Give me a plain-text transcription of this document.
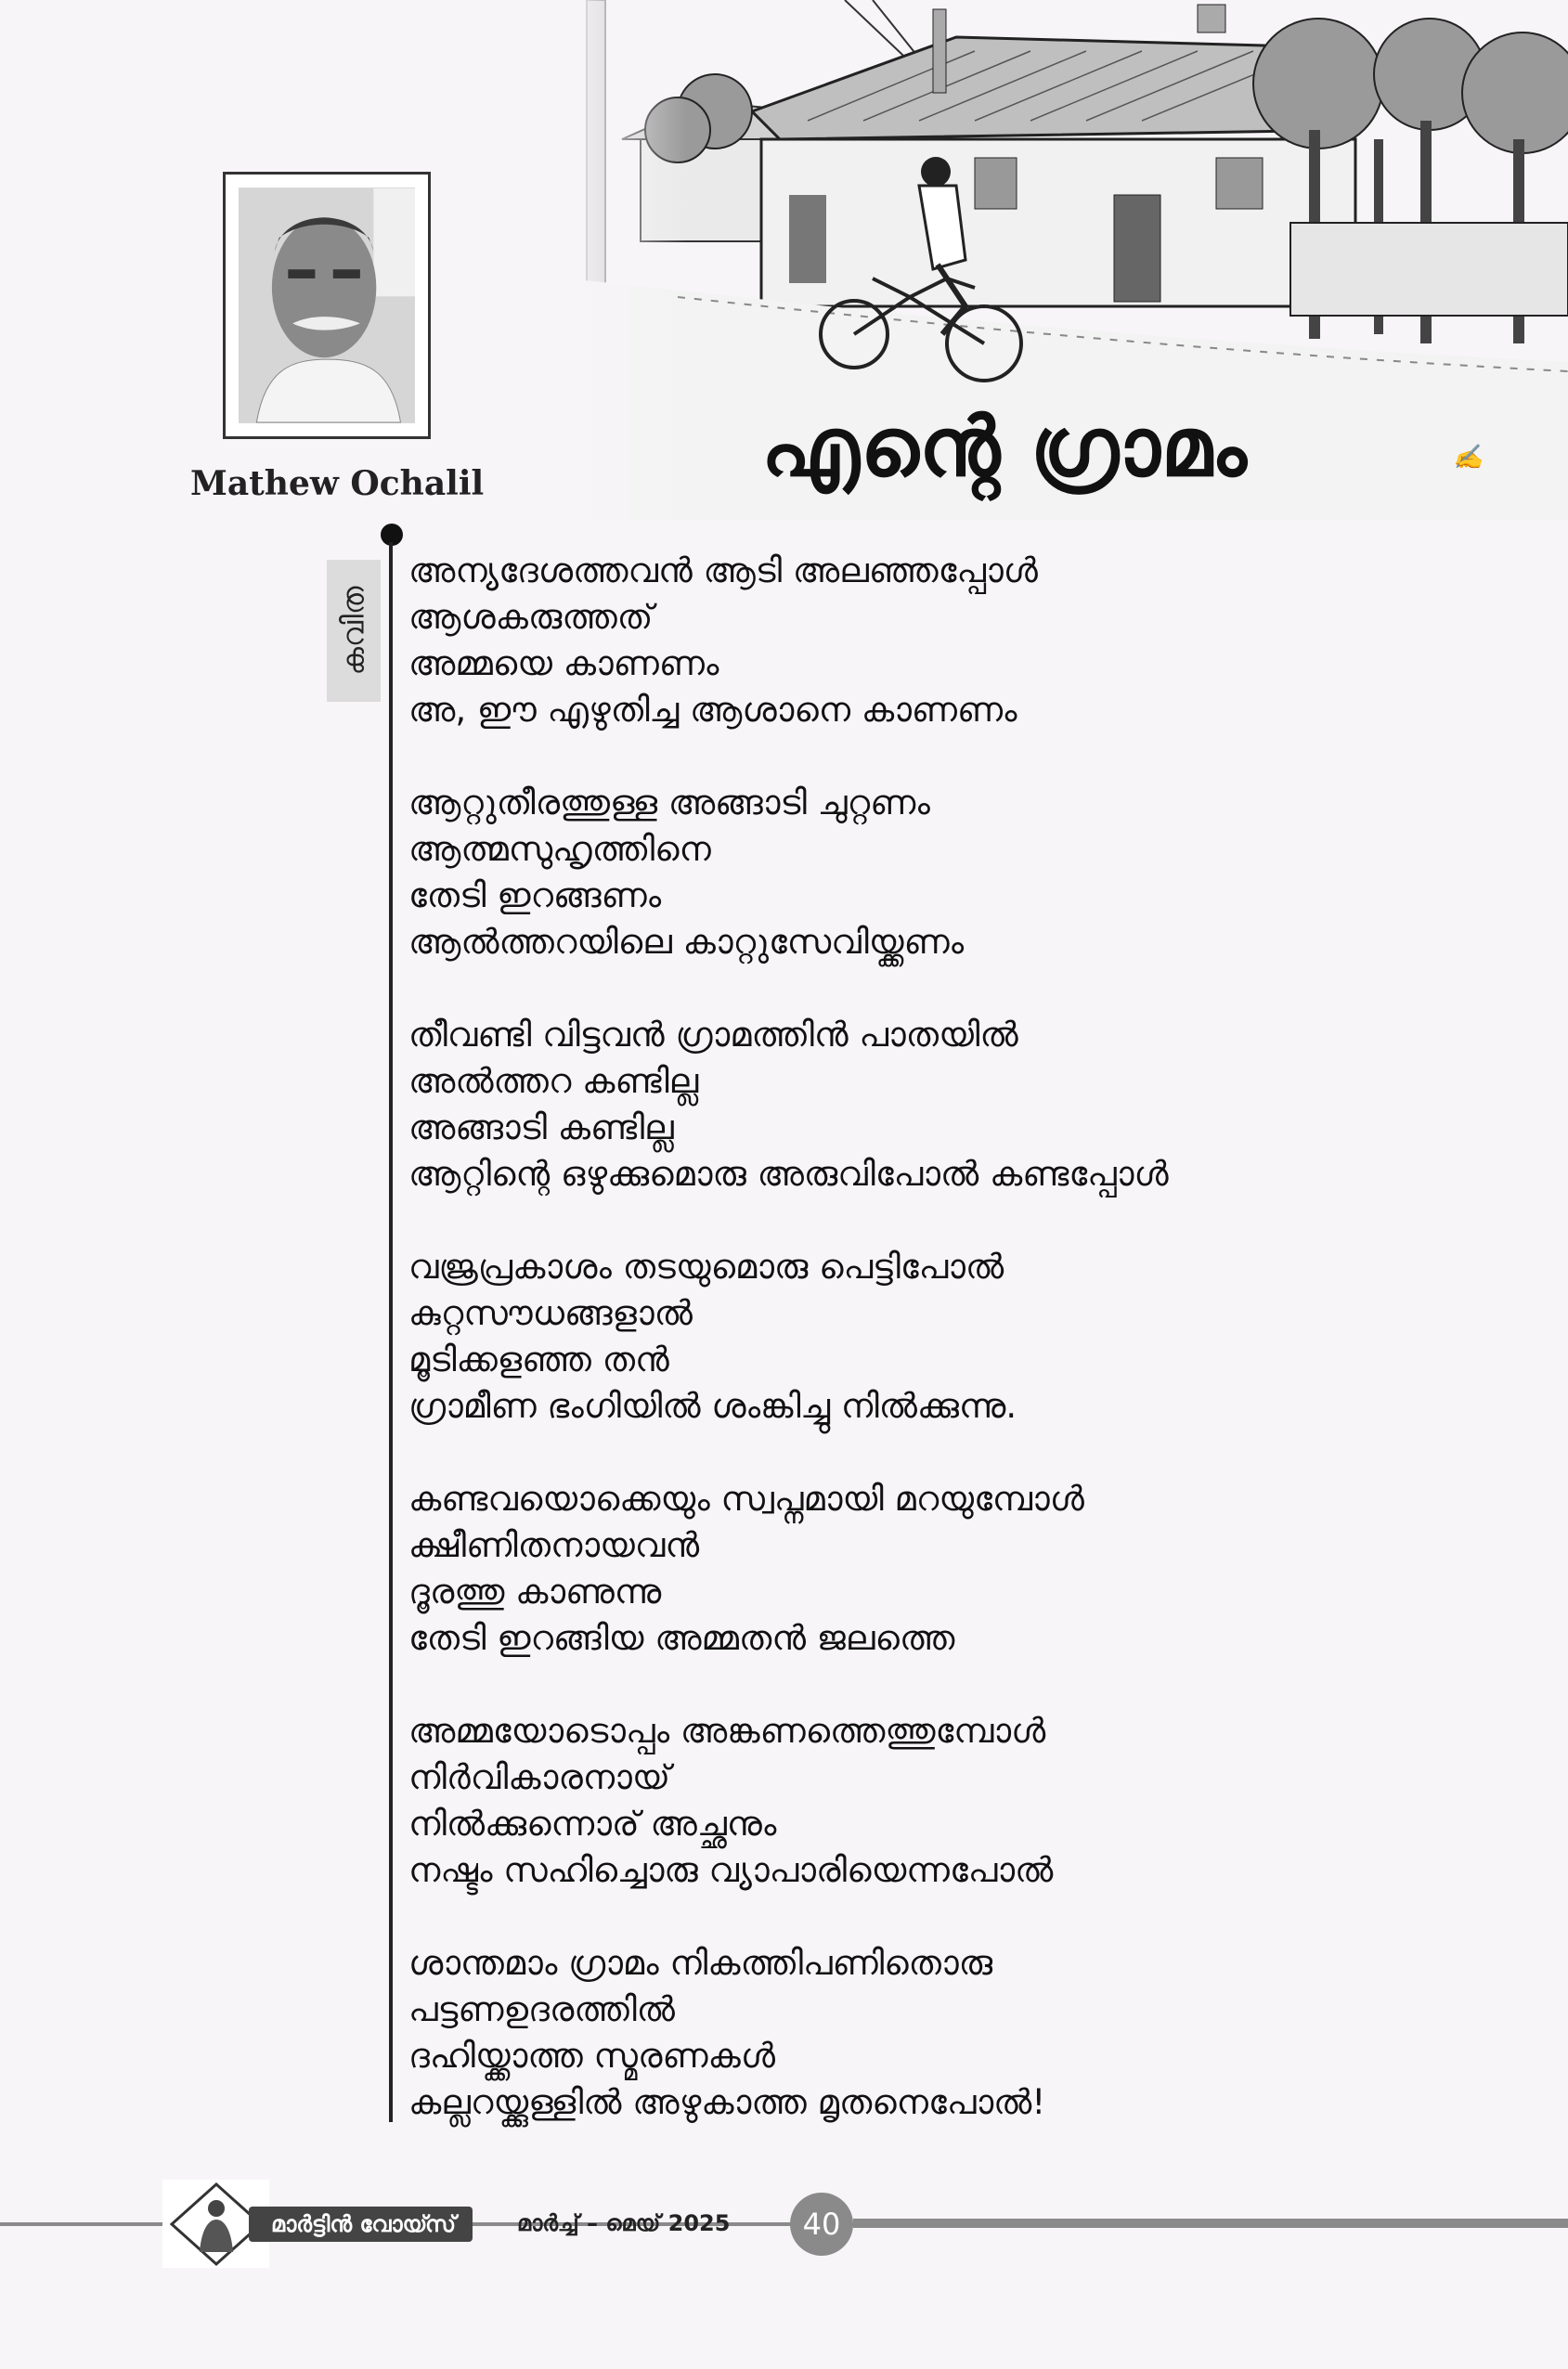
Mathew Ochalil	എന്റെ ഗ്രാമം	✍
കവിത
അന്യദേശത്തവൻ ആടി അലഞ്ഞപ്പോൾ
ആശകരുത്തത്
അമ്മയെ കാണണം
അ, ഈ എഴുതിച്ച ആശാനെ കാണണം
ആറ്റുതീരത്തുള്ള അങ്ങാടി ചുറ്റണം
ആത്മസുഹൃത്തിനെ
തേടി ഇറങ്ങണം
ആൽത്തറയിലെ കാറ്റുസേവിയ്ക്കണം
തീവണ്ടി വിട്ടവൻ ഗ്രാമത്തിൻ പാതയിൽ
അൽത്തറ കണ്ടില്ല
അങ്ങാടി കണ്ടില്ല
ആറ്റിന്റെ ഒഴുക്കുമൊരു അരുവിപോൽ കണ്ടപ്പോൾ
വജ്രപ്രകാശം തടയുമൊരു പെട്ടിപോൽ
കുറ്റസൗധങ്ങളാൽ
മൂടിക്കളഞ്ഞ തൻ
ഗ്രാമീണ ഭംഗിയിൽ ശംങ്കിച്ചു നിൽക്കുന്നു.
കണ്ടവയൊക്കെയും സ്വപ്നമായി മറയുമ്പോൾ
ക്ഷീണിതനായവൻ
ദൂരത്തു കാണുന്നു
തേടി ഇറങ്ങിയ അമ്മതൻ ജലത്തെ
അമ്മയോടൊപ്പം അങ്കണത്തെത്തുമ്പോൾ
നിർവികാരനായ്
നിൽക്കുന്നൊര് അച്ഛനും
നഷ്ടം സഹിച്ചൊരു വ്യാപാരിയെന്നപോൽ
ശാന്തമാം ഗ്രാമം നികത്തിപണിതൊരു
പട്ടണഉദരത്തിൽ
ദഹിയ്ക്കാത്ത സ്മരണകൾ
കല്ലറയ്ക്കുള്ളിൽ അഴുകാത്ത മൃതനെപോൽ!
മാർട്ടിൻ വോയ്സ്	മാർച്ച് – മെയ് 2025	40
